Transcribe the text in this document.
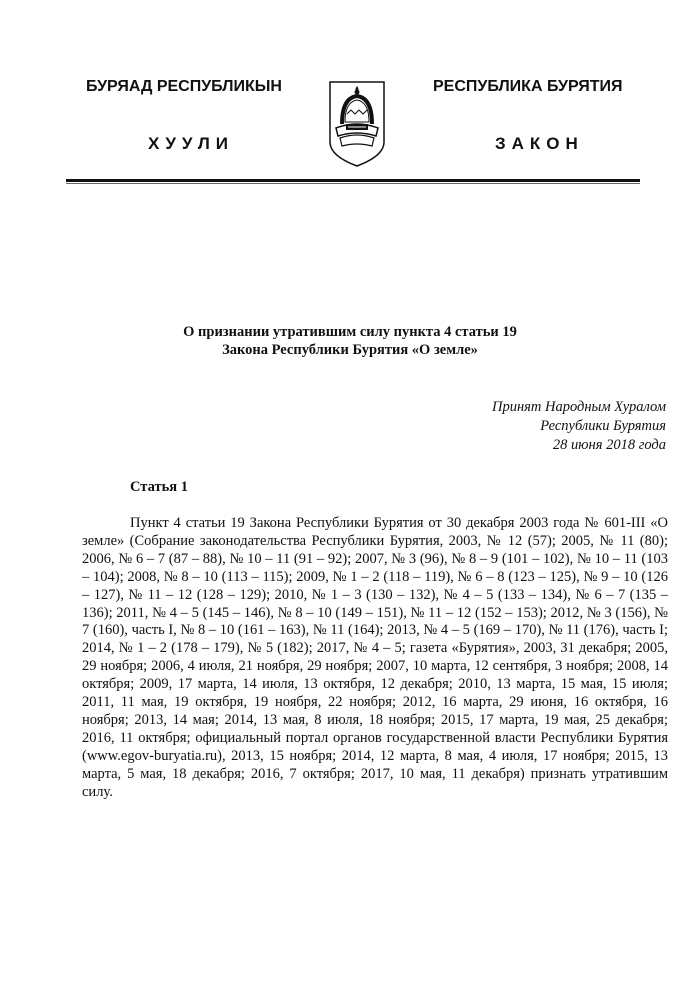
БУРЯАД РЕСПУБЛИКЫН
ХУУЛИ
РЕСПУБЛИКА БУРЯТИЯ
ЗАКОН
О признании утратившим силу пункта 4 статьи 19
Закона Республики Бурятия «О земле»
Принят Народным Хуралом
Республики Бурятия
28 июня 2018 года
Статья 1
Пункт 4 статьи 19 Закона Республики Бурятия от 30 декабря 2003 года № 601-III «О земле» (Собрание законодательства Республики Бурятия, 2003, № 12 (57); 2005, № 11 (80); 2006, № 6 – 7 (87 – 88), № 10 – 11 (91 – 92); 2007, № 3 (96), № 8 – 9 (101 – 102), № 10 – 11 (103 – 104); 2008, № 8 – 10 (113 – 115); 2009, № 1 – 2 (118 – 119), № 6 – 8 (123 – 125), № 9 – 10 (126 – 127), № 11 – 12 (128 – 129); 2010, № 1 – 3 (130 – 132), № 4 – 5 (133 – 134), № 6 – 7 (135 – 136); 2011, № 4 – 5 (145 – 146), № 8 – 10 (149 – 151), № 11 – 12 (152 – 153); 2012, № 3 (156), № 7 (160), часть I, № 8 – 10 (161 – 163), № 11 (164); 2013, № 4 – 5 (169 – 170), № 11 (176), часть I; 2014, № 1 – 2 (178 – 179), № 5 (182); 2017, № 4 – 5; газета «Бурятия», 2003, 31 декабря; 2005, 29 ноября; 2006, 4 июля, 21 ноября, 29 ноября; 2007, 10 марта, 12 сентября, 3 ноября; 2008, 14 октября; 2009, 17 марта, 14 июля, 13 октября, 12 декабря; 2010, 13 марта, 15 мая, 15 июля; 2011, 11 мая, 19 октября, 19 ноября, 22 ноября; 2012, 16 марта, 29 июня, 16 октября, 16 ноября; 2013, 14 мая; 2014, 13 мая, 8 июля, 18 ноября; 2015, 17 марта, 19 мая, 25 декабря; 2016, 11 октября; официальный портал органов государственной власти Республики Бурятия (www.egov-buryatia.ru), 2013, 15 ноября; 2014, 12 марта, 8 мая, 4 июля, 17 ноября; 2015, 13 марта, 5 мая, 18 декабря; 2016, 7 октября; 2017, 10 мая, 11 декабря) признать утратившим силу.
